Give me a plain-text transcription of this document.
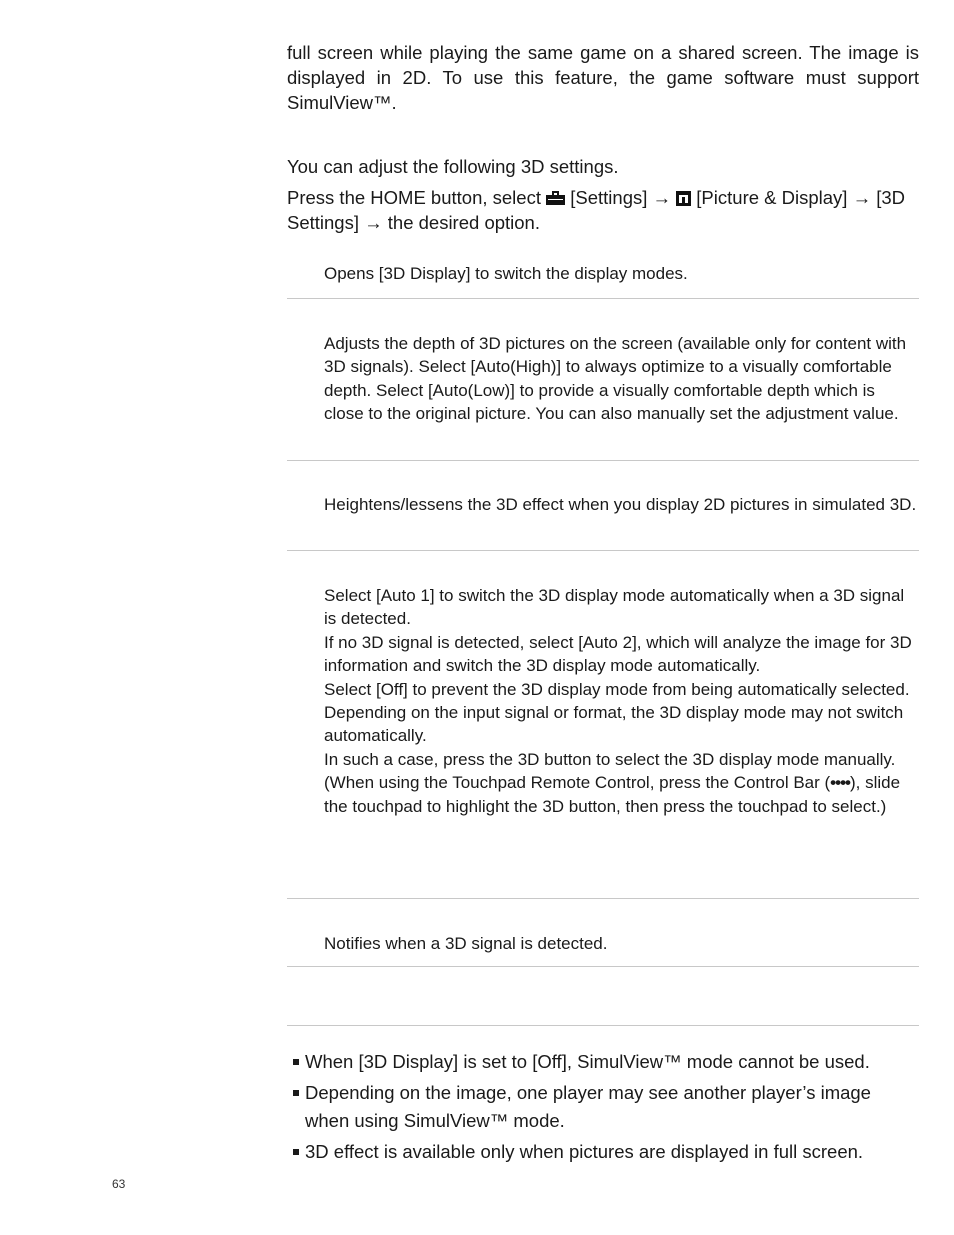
full screen while playing the same game on a shared screen. The image is displayed in 2D. To use this feature, the game software must support SimulView™.

You can adjust the following 3D settings.

Press the HOME button, select [Settings] → [Picture & Display] → [3D Settings] → the desired option.

Opens [3D Display] to switch the display modes.

Adjusts the depth of 3D pictures on the screen (available only for content with 3D signals). Select [Auto(High)] to always optimize to a visually comfortable depth. Select [Auto(Low)] to provide a visually comfortable depth which is close to the original picture. You can also manually set the adjustment value.

Heightens/lessens the 3D effect when you display 2D pictures in simulated 3D.

Select [Auto 1] to switch the 3D display mode automatically when a 3D signal is detected.
If no 3D signal is detected, select [Auto 2], which will analyze the image for 3D information and switch the 3D display mode automatically.
Select [Off] to prevent the 3D display mode from being automatically selected.
Depending on the input signal or format, the 3D display mode may not switch automatically.
In such a case, press the 3D button to select the 3D display mode manually.
(When using the Touchpad Remote Control, press the Control Bar (••••), slide the touchpad to highlight the 3D button, then press the touchpad to select.)

Notifies when a 3D signal is detected.

When [3D Display] is set to [Off], SimulView™ mode cannot be used.
Depending on the image, one player may see another player’s image when using SimulView™ mode.
3D effect is available only when pictures are displayed in full screen.
63
